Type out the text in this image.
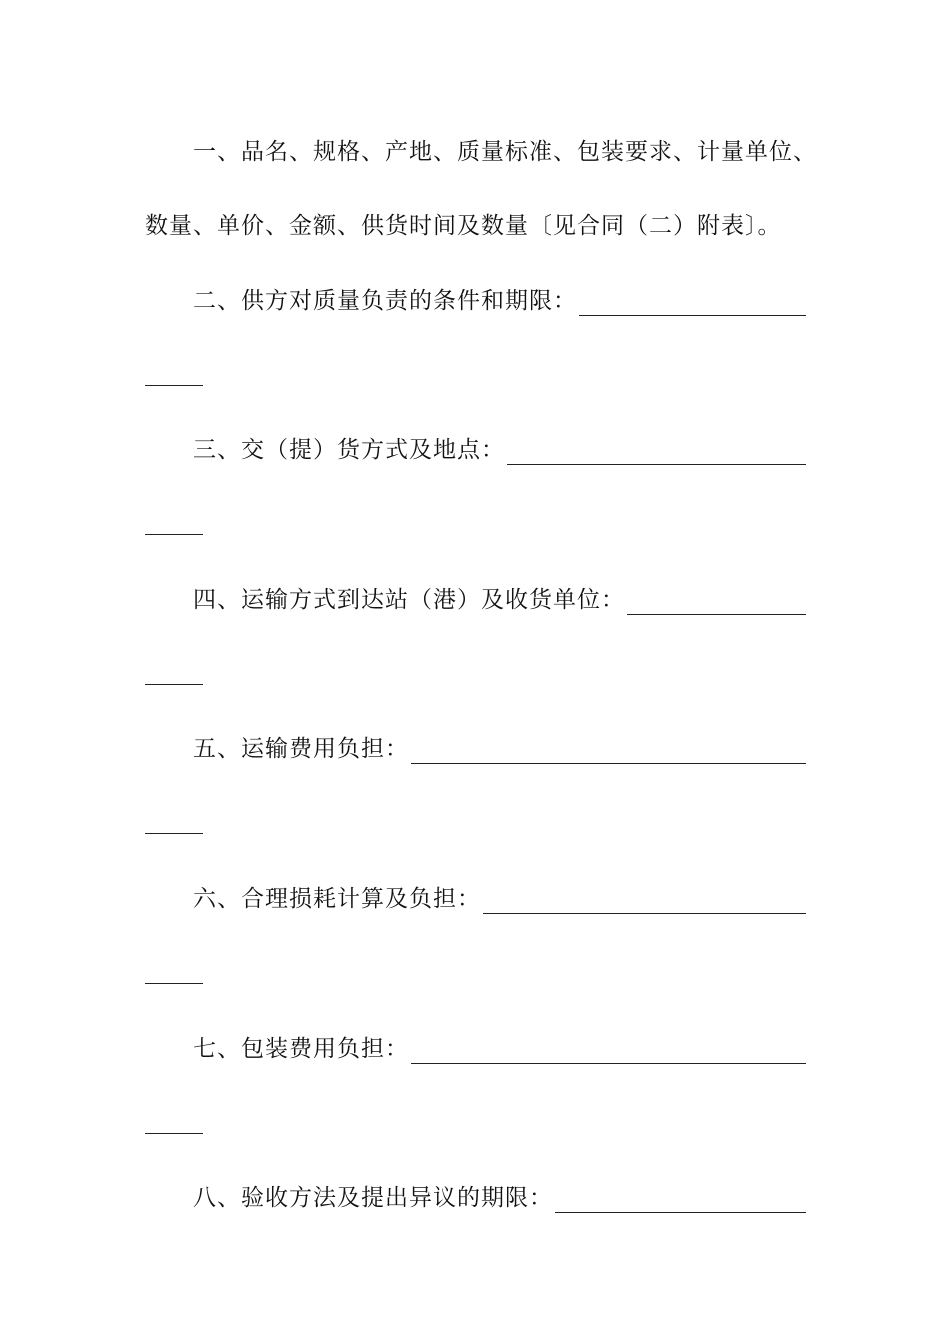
一、品名、规格、产地、质量标准、包装要求、计量单位、
数量、单价、金额、供货时间及数量〔见合同（二）附表〕。
二、供方对质量负责的条件和期限：
三、交（提）货方式及地点：
四、运输方式到达站（港）及收货单位：
五、运输费用负担：
六、合理损耗计算及负担：
七、包装费用负担：
八、验收方法及提出异议的期限：
